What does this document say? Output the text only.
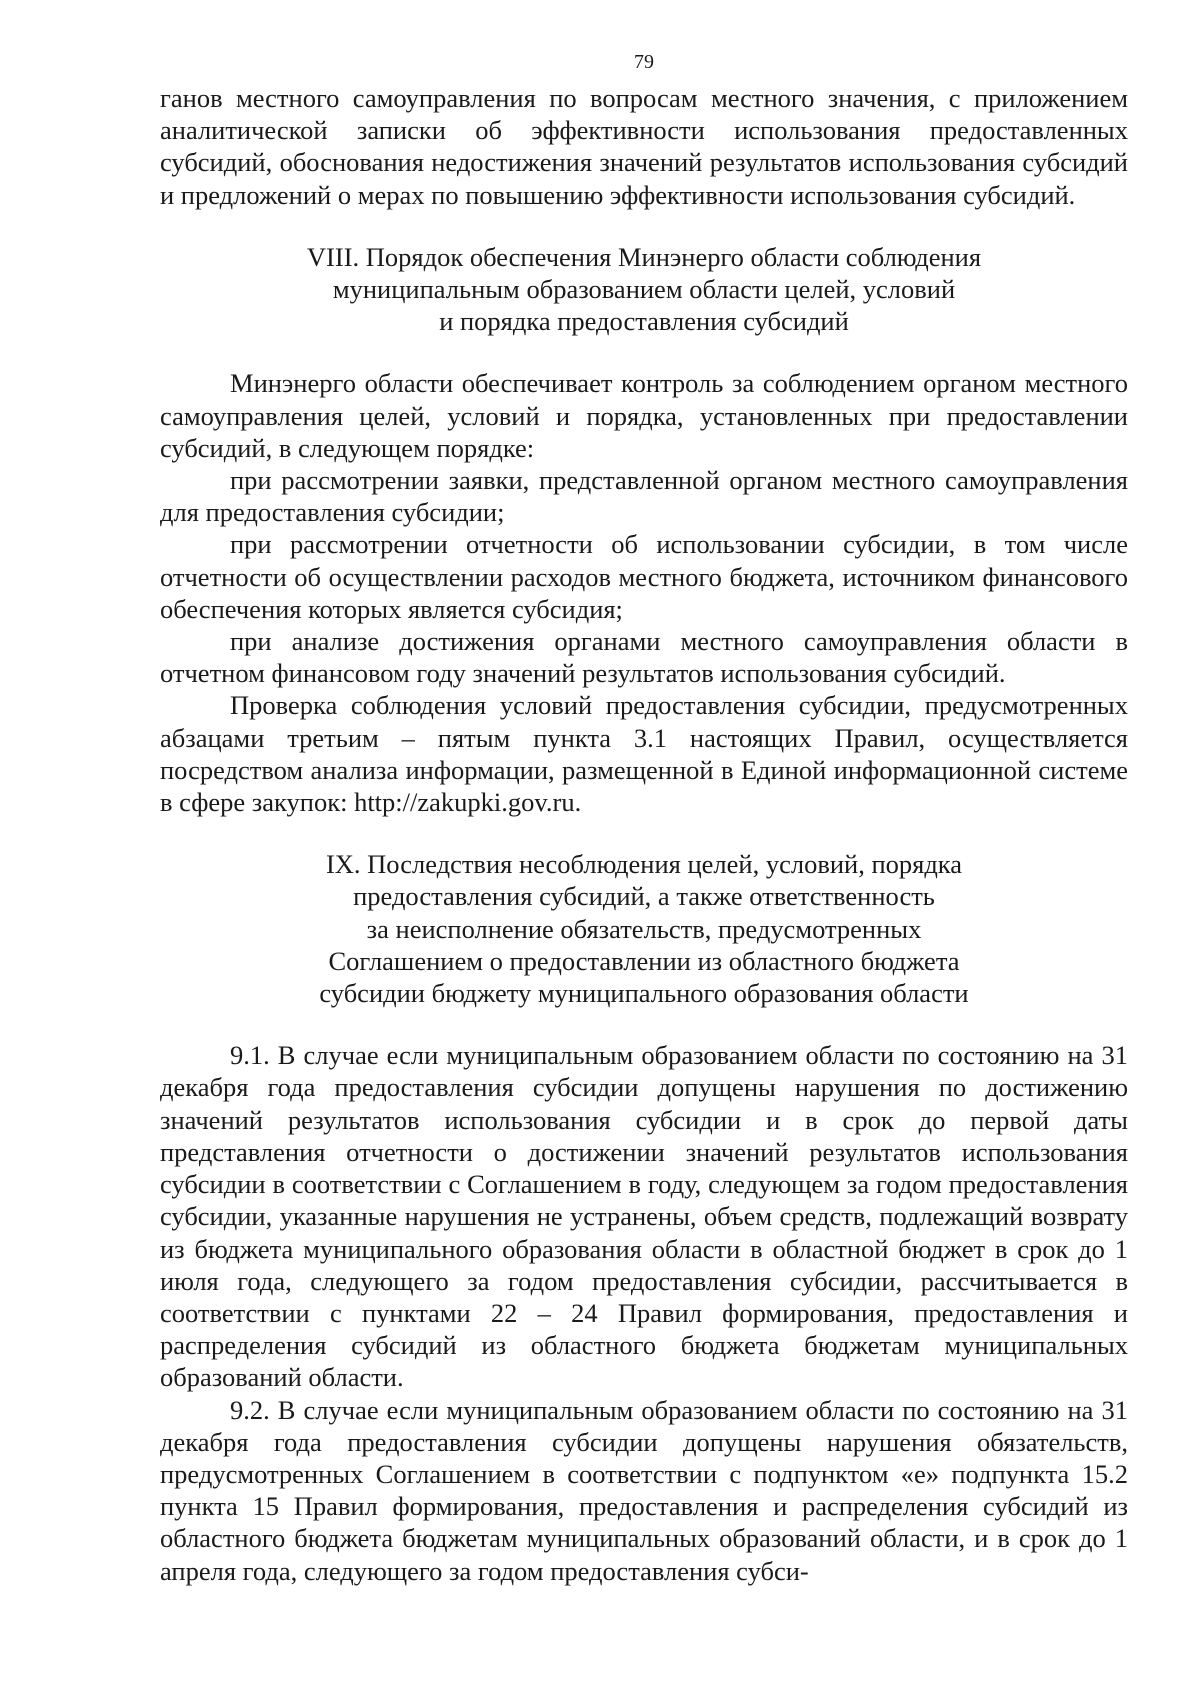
79

ганов местного самоуправления по вопросам местного значения, с приложением аналитической записки об эффективности использования предоставленных субсидий, обоснования недостижения значений результатов использования субсидий и предложений о мерах по повышению эффективности использования субсидий.

VIII. Порядок обеспечения Минэнерго области соблюдения
муниципальным образованием области целей, условий
и порядка предоставления субсидий

Минэнерго области обеспечивает контроль за соблюдением органом местного самоуправления целей, условий и порядка, установленных при предоставлении субсидий, в следующем порядке:

при рассмотрении заявки, представленной органом местного самоуправления для предоставления субсидии;

при рассмотрении отчетности об использовании субсидии, в том числе отчетности об осуществлении расходов местного бюджета, источником финансового обеспечения которых является субсидия;

при анализе достижения органами местного самоуправления области в отчетном финансовом году значений результатов использования субсидий.

Проверка соблюдения условий предоставления субсидии, предусмотренных абзацами третьим – пятым пункта 3.1 настоящих Правил, осуществляется посредством анализа информации, размещенной в Единой информационной системе в сфере закупок: http://zakupki.gov.ru.

IX. Последствия несоблюдения целей, условий, порядка
предоставления субсидий, а также ответственность
за неисполнение обязательств, предусмотренных
Соглашением о предоставлении из областного бюджета
субсидии бюджету муниципального образования области

9.1. В случае если муниципальным образованием области по состоянию на 31 декабря года предоставления субсидии допущены нарушения по достижению значений результатов использования субсидии и в срок до первой даты представления отчетности о достижении значений результатов использования субсидии в соответствии с Соглашением в году, следующем за годом предоставления субсидии, указанные нарушения не устранены, объем средств, подлежащий возврату из бюджета муниципального образования области в областной бюджет в срок до 1 июля года, следующего за годом предоставления субсидии, рассчитывается в соответствии с пунктами 22 – 24 Правил формирования, предоставления и распределения субсидий из областного бюджета бюджетам муниципальных образований области.

9.2. В случае если муниципальным образованием области по состоянию на 31 декабря года предоставления субсидии допущены нарушения обязательств, предусмотренных Соглашением в соответствии с подпунктом «е» подпункта 15.2 пункта 15 Правил формирования, предоставления и распределения субсидий из областного бюджета бюджетам муниципальных образований области, и в срок до 1 апреля года, следующего за годом предоставления субси-
